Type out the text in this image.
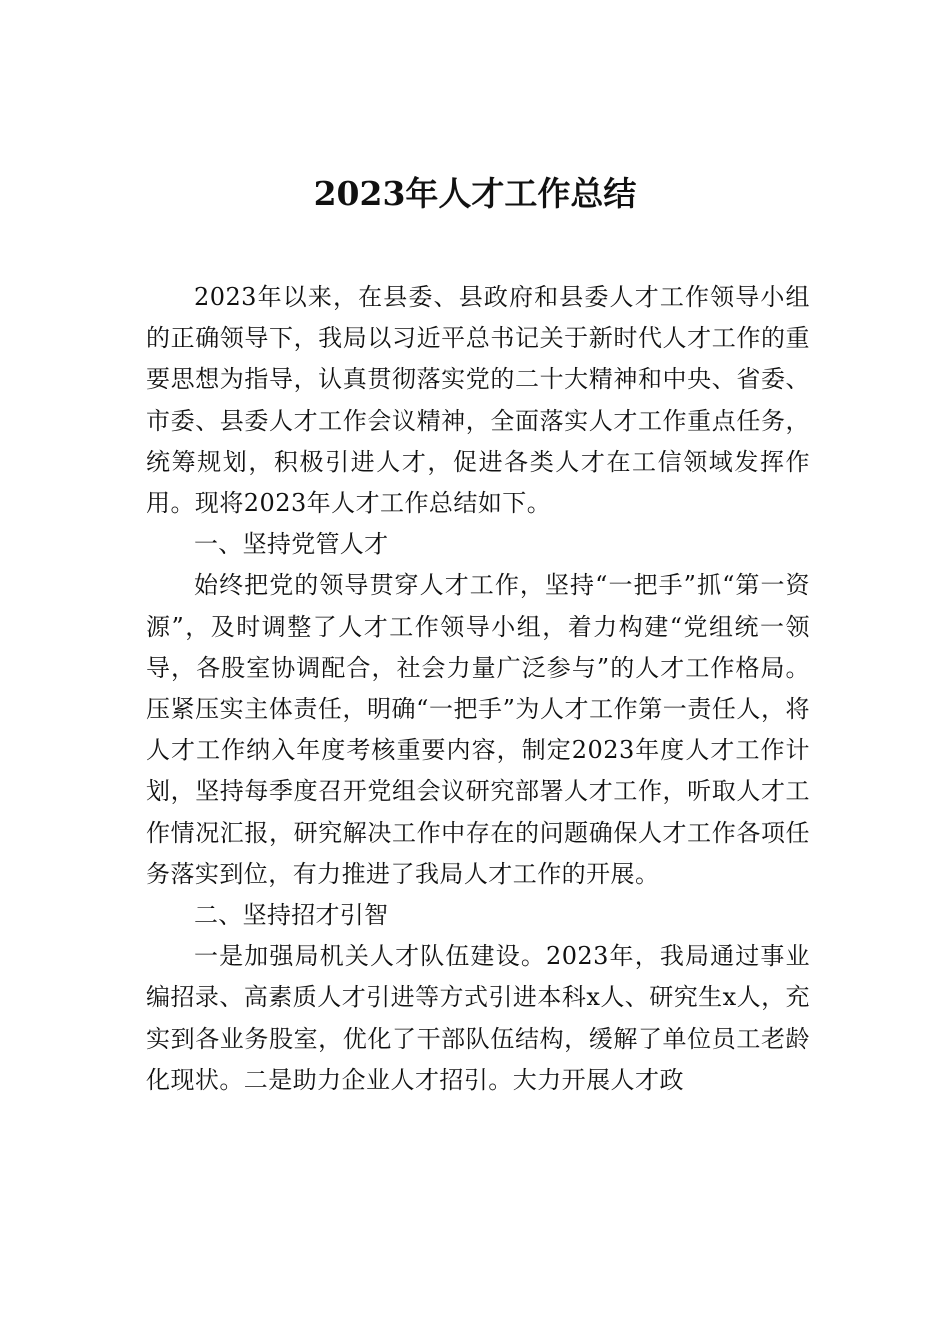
2023年人才工作总结

2023年以来，在县委、县政府和县委人才工作领导小组的正确领导下，我局以习近平总书记关于新时代人才工作的重要思想为指导，认真贯彻落实党的二十大精神和中央、省委、市委、县委人才工作会议精神，全面落实人才工作重点任务，统筹规划，积极引进人才，促进各类人才在工信领域发挥作用。现将2023年人才工作总结如下。

一、坚持党管人才

始终把党的领导贯穿人才工作，坚持“一把手”抓“第一资源”，及时调整了人才工作领导小组，着力构建“党组统一领导，各股室协调配合，社会力量广泛参与”的人才工作格局。压紧压实主体责任，明确“一把手”为人才工作第一责任人，将人才工作纳入年度考核重要内容，制定2023年度人才工作计划，坚持每季度召开党组会议研究部署人才工作，听取人才工作情况汇报，研究解决工作中存在的问题确保人才工作各项任务落实到位，有力推进了我局人才工作的开展。

二、坚持招才引智

一是加强局机关人才队伍建设。2023年，我局通过事业编招录、高素质人才引进等方式引进本科x人、研究生x人，充实到各业务股室，优化了干部队伍结构，缓解了单位员工老龄化现状。二是助力企业人才招引。大力开展人才政
